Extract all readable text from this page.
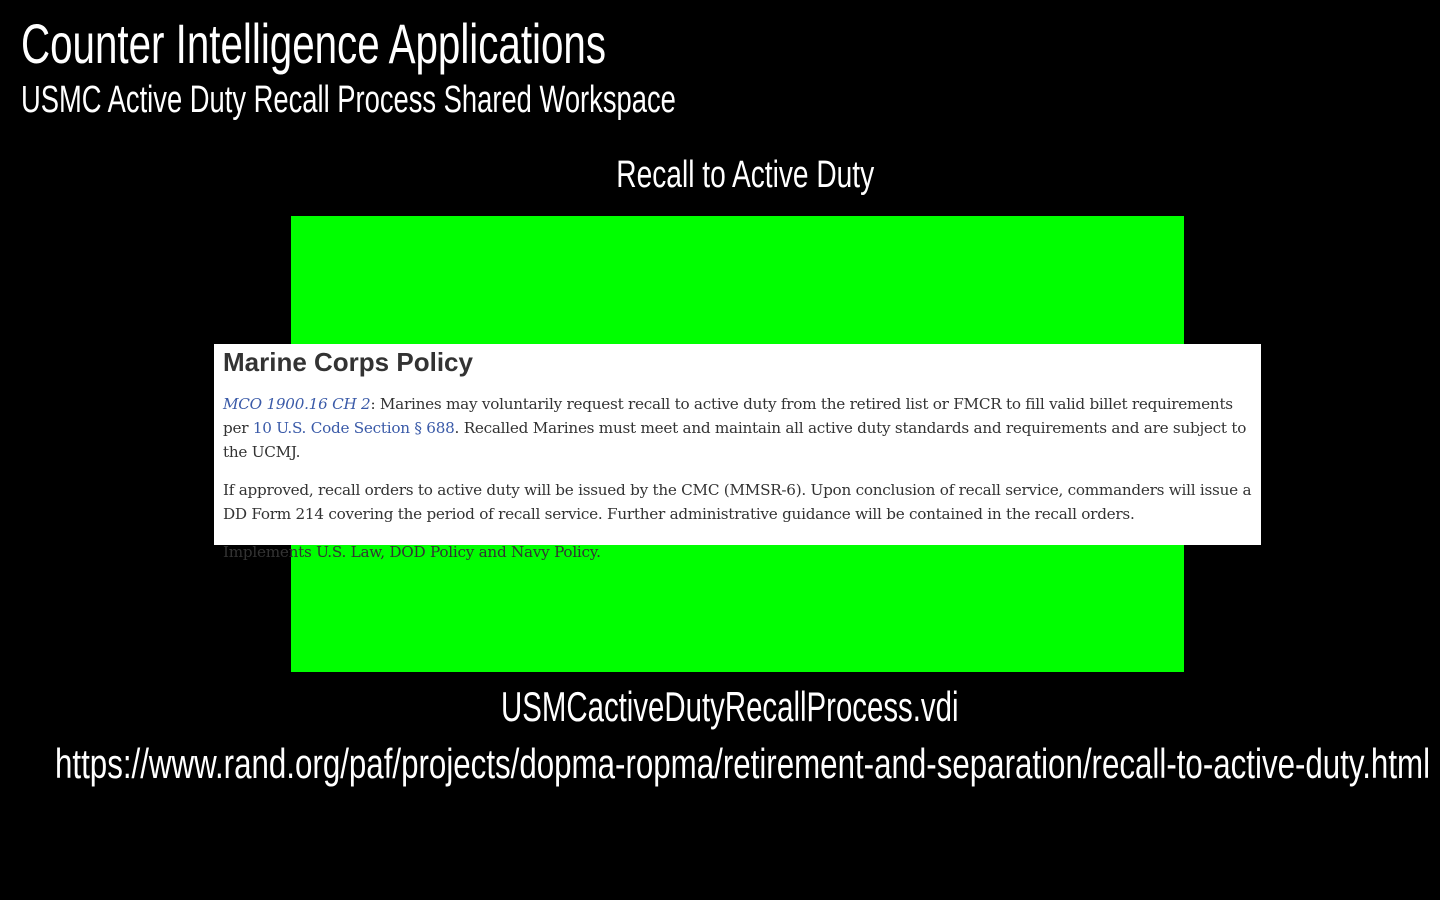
Counter Intelligence Applications
USMC Active Duty Recall Process Shared Workspace
Recall to Active Duty
Marine Corps Policy

MCO 1900.16 CH 2: Marines may voluntarily request recall to active duty from the retired list or FMCR to fill valid billet requirements per 10 U.S. Code Section § 688. Recalled Marines must meet and maintain all active duty standards and requirements and are subject to the UCMJ.

If approved, recall orders to active duty will be issued by the CMC (MMSR-6). Upon conclusion of recall service, commanders will issue a DD Form 214 covering the period of recall service. Further administrative guidance will be contained in the recall orders.

Implements U.S. Law, DOD Policy and Navy Policy.

USMCactiveDutyRecallProcess.vdi
https://www.rand.org/paf/projects/dopma-ropma/retirement-and-separation/recall-to-active-duty.html
